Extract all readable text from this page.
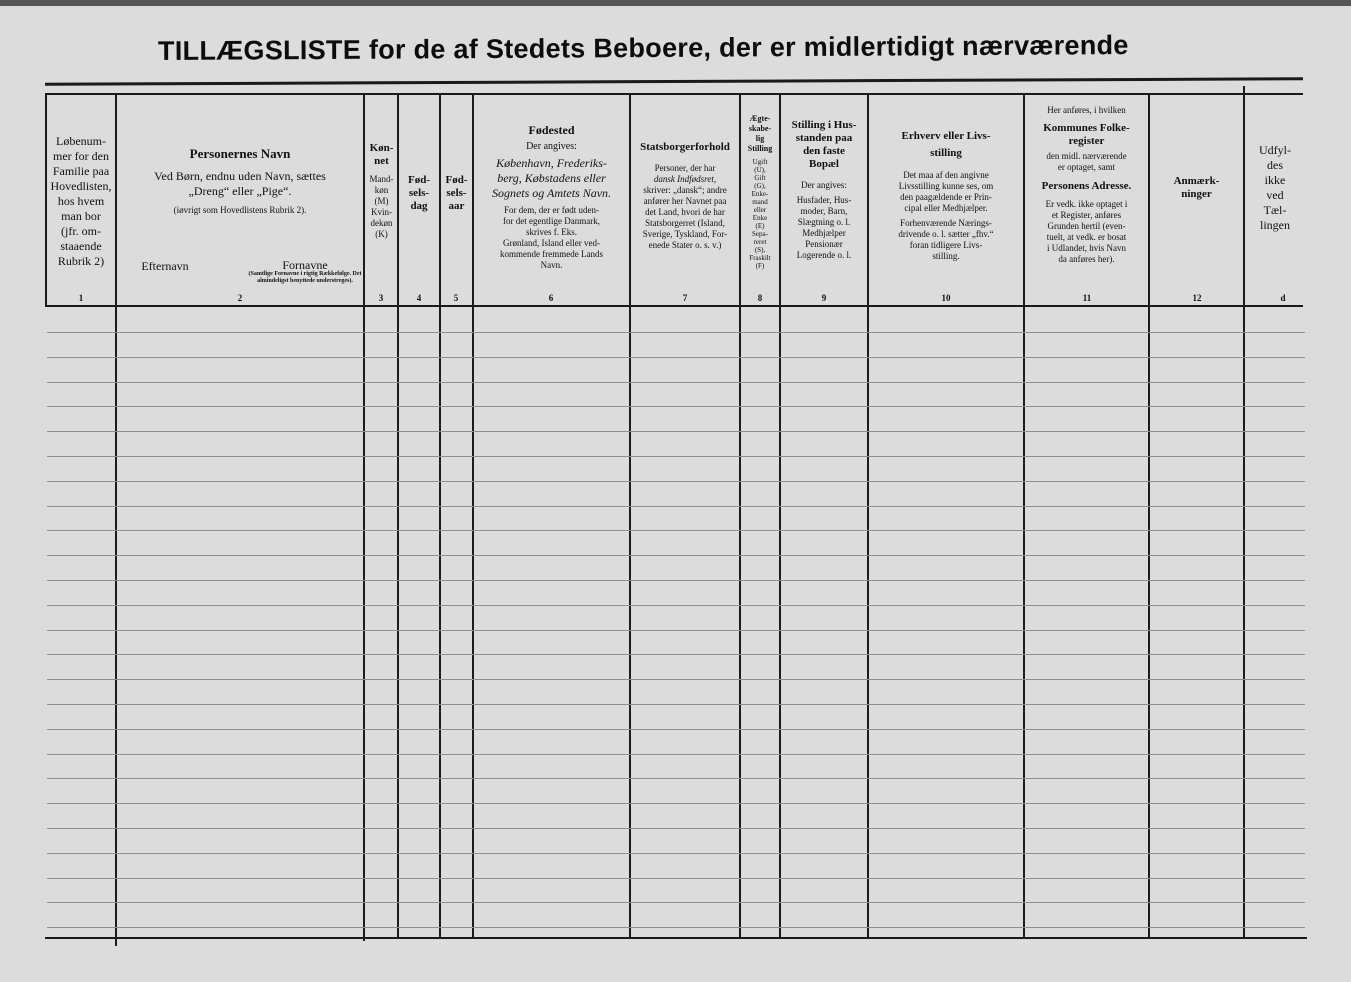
TILLÆGSLISTE for de af Stedets Beboere, der er midlertidigt nærværende
Løbenum-
mer for den
Familie paa
Hovedlisten,
hos hvem
man bor
(jfr. om-
staaende
Rubrik 2)
1
Personernes Navn
Ved Børn, endnu uden Navn, sættes
„Dreng“ eller „Pige“.
(iøvrigt som Hovedlistens Rubrik 2).
Efternavn	Fornavne
(Samtlige Fornavne i rigtig Rækkefølge. Det almindeligst benyttede understreges).
2
Køn-
net
Mand-
køn
(M)
Kvin-
dekøn
(K)
3
Fød-
sels-
dag
4
Fød-
sels-
aar
5
Fødested
Der angives:
København, Frederiks-
berg, Købstadens eller
Sognets og Amtets Navn.
For dem, der er født uden-
for det egentlige Danmark,
skrives f. Eks.
Grønland, Island eller ved-
kommende fremmede Lands
Navn.
6
Statsborgerforhold
Personer, der har
dansk Indfødsret,
skriver: „dansk“; andre
anfører her Navnet paa
det Land, hvori de har
Statsborgerret (Island,
Sverige, Tyskland, For-
enede Stater o. s. v.)
7
Ægte-
skabe-
lig
Stilling
Ugift
(U),
Gift
(G),
Enke-
mand
eller
Enke
(E)
Sepa-
reret
(S),
Fraskilt
(F)
8
Stilling i Hus-
standen paa
den faste
Bopæl
Der angives:
Husfader, Hus-
moder, Barn,
Slægtning o. l.
Medhjælper
Pensionær
Logerende o. l.
9
Erhverv eller Livs-
stilling
Det maa af den angivne
Livsstilling kunne ses, om
den paagældende er Prin-
cipal eller Medhjælper.
Forhenværende Nærings-
drivende o. l. sætter „fhv.“
foran tidligere Livs-
stilling.
10
Her anføres, i hvilken
Kommunes Folke-
register
den midl. nærværende
er optaget, samt
Personens Adresse.
Er vedk. ikke optaget i
et Register, anføres
Grunden hertil (even-
tuelt, at vedk. er bosat
i Udlandet, hvis Navn
da anføres her).
11
Anmærk-
ninger
12
Udfyl-
des
ikke
ved
Tæl-
lingen
d
